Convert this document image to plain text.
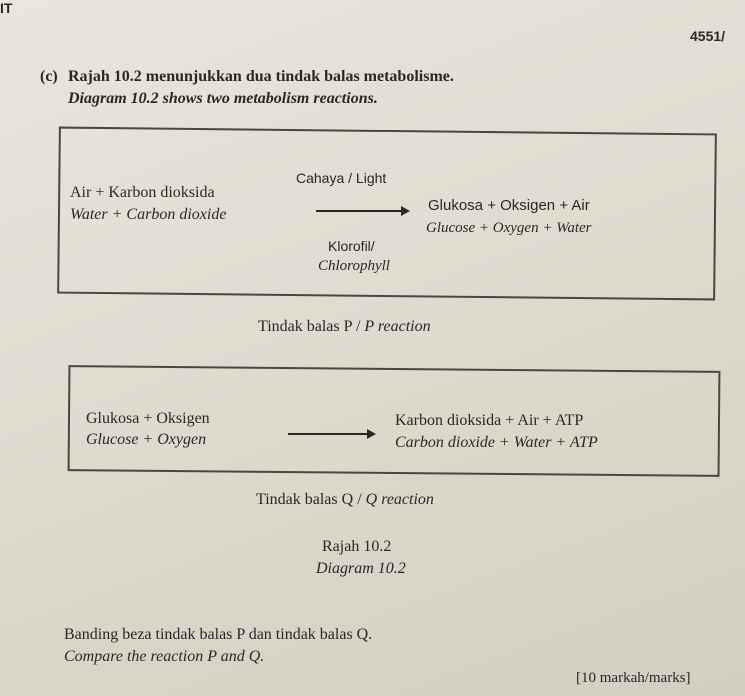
IT
4551/
(c) Rajah 10.2 menunjukkan dua tindak balas metabolisme.
Diagram 10.2 shows two metabolism reactions.
Air + Karbon dioksida
Water + Carbon dioxide
Cahaya / Light
Klorofil/
Chlorophyll
Glukosa + Oksigen + Air
Glucose + Oxygen + Water
Tindak balas P / P reaction
Glukosa + Oksigen
Glucose + Oxygen
Karbon dioksida + Air + ATP
Carbon dioxide + Water + ATP
Tindak balas Q / Q reaction
Rajah 10.2
Diagram 10.2
Banding beza tindak balas P dan tindak balas Q.
Compare the reaction P and Q.
[10 markah/marks]
